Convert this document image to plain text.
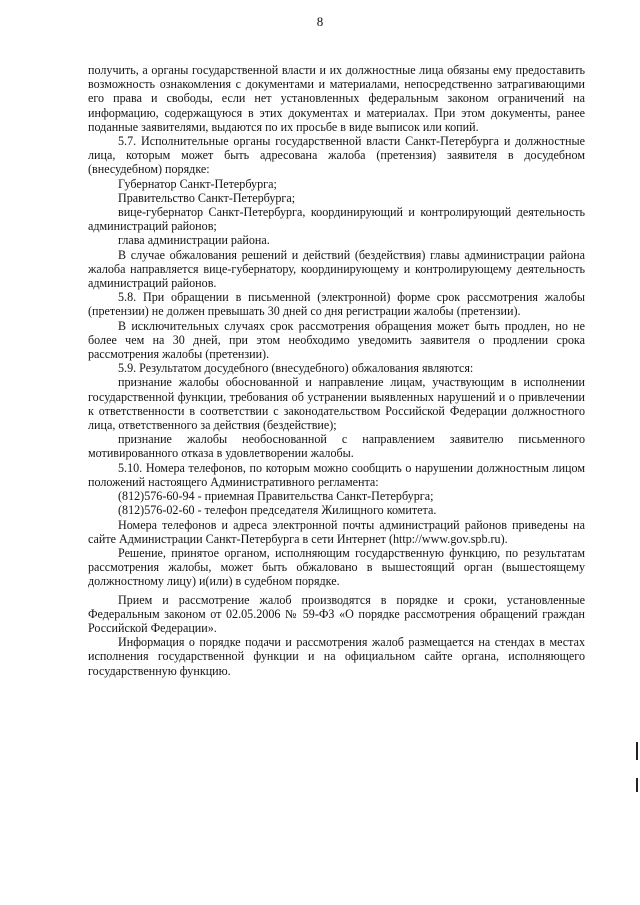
8

получить, а органы государственной власти и их должностные лица обязаны ему предоставить возможность ознакомления с документами и материалами, непосредственно затрагивающими его права и свободы, если нет установленных федеральным законом ограничений на информацию, содержащуюся в этих документах и материалах. При этом документы, ранее поданные заявителями, выдаются по их просьбе в виде выписок или копий.

5.7. Исполнительные органы государственной власти Санкт-Петербурга и должностные лица, которым может быть адресована жалоба (претензия) заявителя в досудебном (внесудебном) порядке:

Губернатор Санкт-Петербурга;

Правительство Санкт-Петербурга;

вице-губернатор Санкт-Петербурга, координирующий и контролирующий деятельность администраций районов;

глава администрации района.

В случае обжалования решений и действий (бездействия) главы администрации района жалоба направляется вице-губернатору, координирующему и контролирующему деятельность администраций районов.

5.8. При обращении в письменной (электронной) форме срок рассмотрения жалобы (претензии) не должен превышать 30 дней со дня регистрации жалобы (претензии).

В исключительных случаях срок рассмотрения обращения может быть продлен, но не более чем на 30 дней, при этом необходимо уведомить заявителя о продлении срока рассмотрения жалобы (претензии).

5.9. Результатом досудебного (внесудебного) обжалования являются:

признание жалобы обоснованной и направление лицам, участвующим в исполнении государственной функции, требования об устранении выявленных нарушений и о привлечении к ответственности в соответствии с законодательством Российской Федерации должностного лица, ответственного за действия (бездействие);

признание жалобы необоснованной с направлением заявителю письменного мотивированного отказа в удовлетворении жалобы.

5.10. Номера телефонов, по которым можно сообщить о нарушении должностным лицом положений настоящего Административного регламента:

(812)576-60-94 - приемная Правительства Санкт-Петербурга;

(812)576-02-60 - телефон председателя Жилищного комитета.

Номера телефонов и адреса электронной почты администраций районов приведены на сайте Администрации Санкт-Петербурга в сети Интернет (http://www.gov.spb.ru).

Решение, принятое органом, исполняющим государственную функцию, по результатам рассмотрения жалобы, может быть обжаловано в вышестоящий орган (вышестоящему должностному лицу) и(или) в судебном порядке.

Прием и рассмотрение жалоб производятся в порядке и сроки, установленные Федеральным законом от 02.05.2006 № 59-ФЗ «О порядке рассмотрения обращений граждан Российской Федерации».

Информация о порядке подачи и рассмотрения жалоб размещается на стендах в местах исполнения государственной функции и на официальном сайте органа, исполняющего государственную функцию.
